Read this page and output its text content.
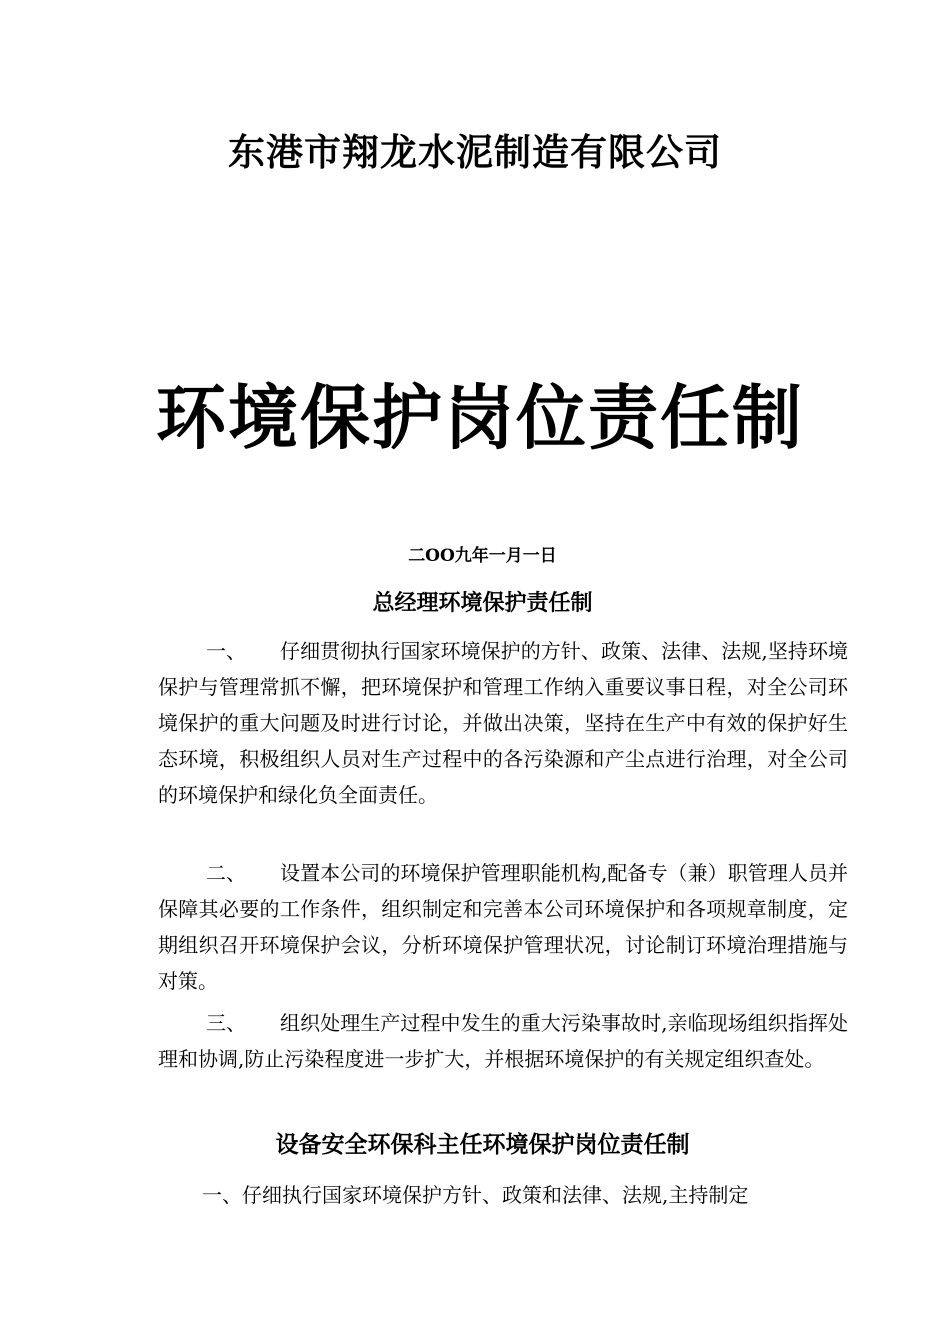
东港市翔龙水泥制造有限公司
环境保护岗位责任制
二OO九年一月一日
总经理环境保护责任制
一、 仔细贯彻执行国家环境保护的方针、政策、法律、法规,坚持环境保护与管理常抓不懈，把环境保护和管理工作纳入重要议事日程，对全公司环境保护的重大问题及时进行讨论，并做出决策，坚持在生产中有效的保护好生态环境，积极组织人员对生产过程中的各污染源和产尘点进行治理，对全公司的环境保护和绿化负全面责任。
二、 设置本公司的环境保护管理职能机构,配备专（兼）职管理人员并保障其必要的工作条件，组织制定和完善本公司环境保护和各项规章制度，定期组织召开环境保护会议，分析环境保护管理状况，讨论制订环境治理措施与对策。
三、 组织处理生产过程中发生的重大污染事故时,亲临现场组织指挥处理和协调,防止污染程度进一步扩大，并根据环境保护的有关规定组织查处。
设备安全环保科主任环境保护岗位责任制
一、仔细执行国家环境保护方针、政策和法律、法规,主持制定
